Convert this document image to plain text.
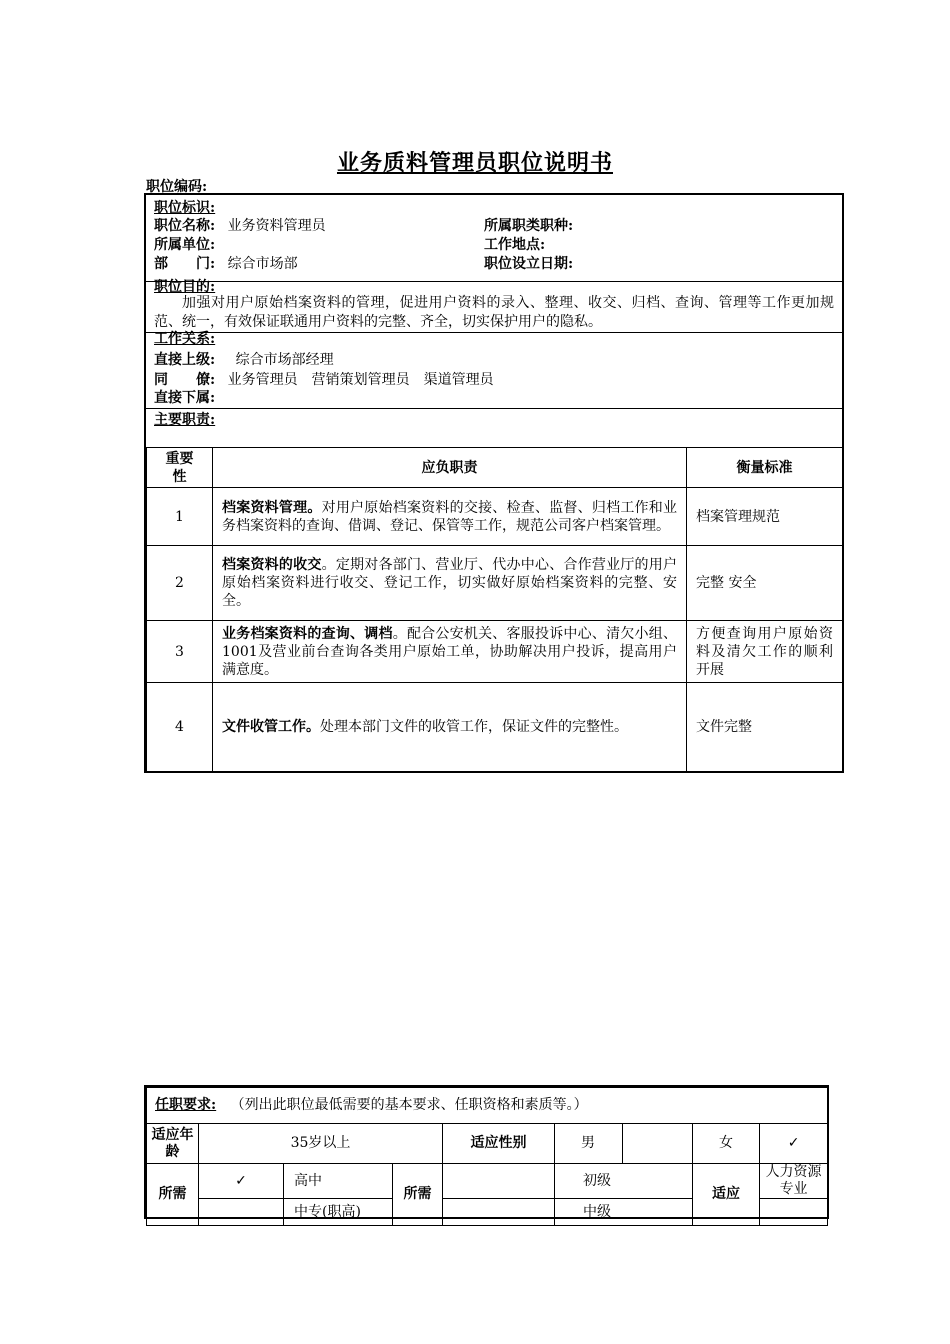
业务质料管理员职位说明书
职位编码:
职位标识:
职位名称: 业务资料管理员	所属职类职种:
所属单位:	工作地点:
部　　门: 综合市场部	职位设立日期:
职位目的:
加强对用户原始档案资料的管理，促进用户资料的录入、整理、收交、归档、查询、管理等工作更加规范、统一，有效保证联通用户资料的完整、齐全，切实保护用户的隐私。
工作关系:
直接上级: 综合市场部经理
同　　僚: 业务管理员　营销策划管理员　渠道管理员
直接下属:
主要职责:
重要性	应负职责	衡量标准
1	档案资料管理。对用户原始档案资料的交接、检查、监督、归档工作和业务档案资料的查询、借调、登记、保管等工作，规范公司客户档案管理。	档案管理规范
2	档案资料的收交。定期对各部门、营业厅、代办中心、合作营业厅的用户原始档案资料进行收交、登记工作，切实做好原始档案资料的完整、安全。	完整 安全
3	业务档案资料的查询、调档。配合公安机关、客服投诉中心、清欠小组、1001及营业前台查询各类用户原始工单，协助解决用户投诉，提高用户满意度。	方便查询用户原始资料及清欠工作的顺利开展
4	文件收管工作。处理本部门文件的收管工作，保证文件的完整性。	文件完整
任职要求: （列出此职位最低需要的基本要求、任职资格和素质等。）								
适应年龄	35岁以上			适应性别	男		女	✓
所需	✓	高中	所需		初级		适应	人力资源专业
		中专(职高)			中级			
